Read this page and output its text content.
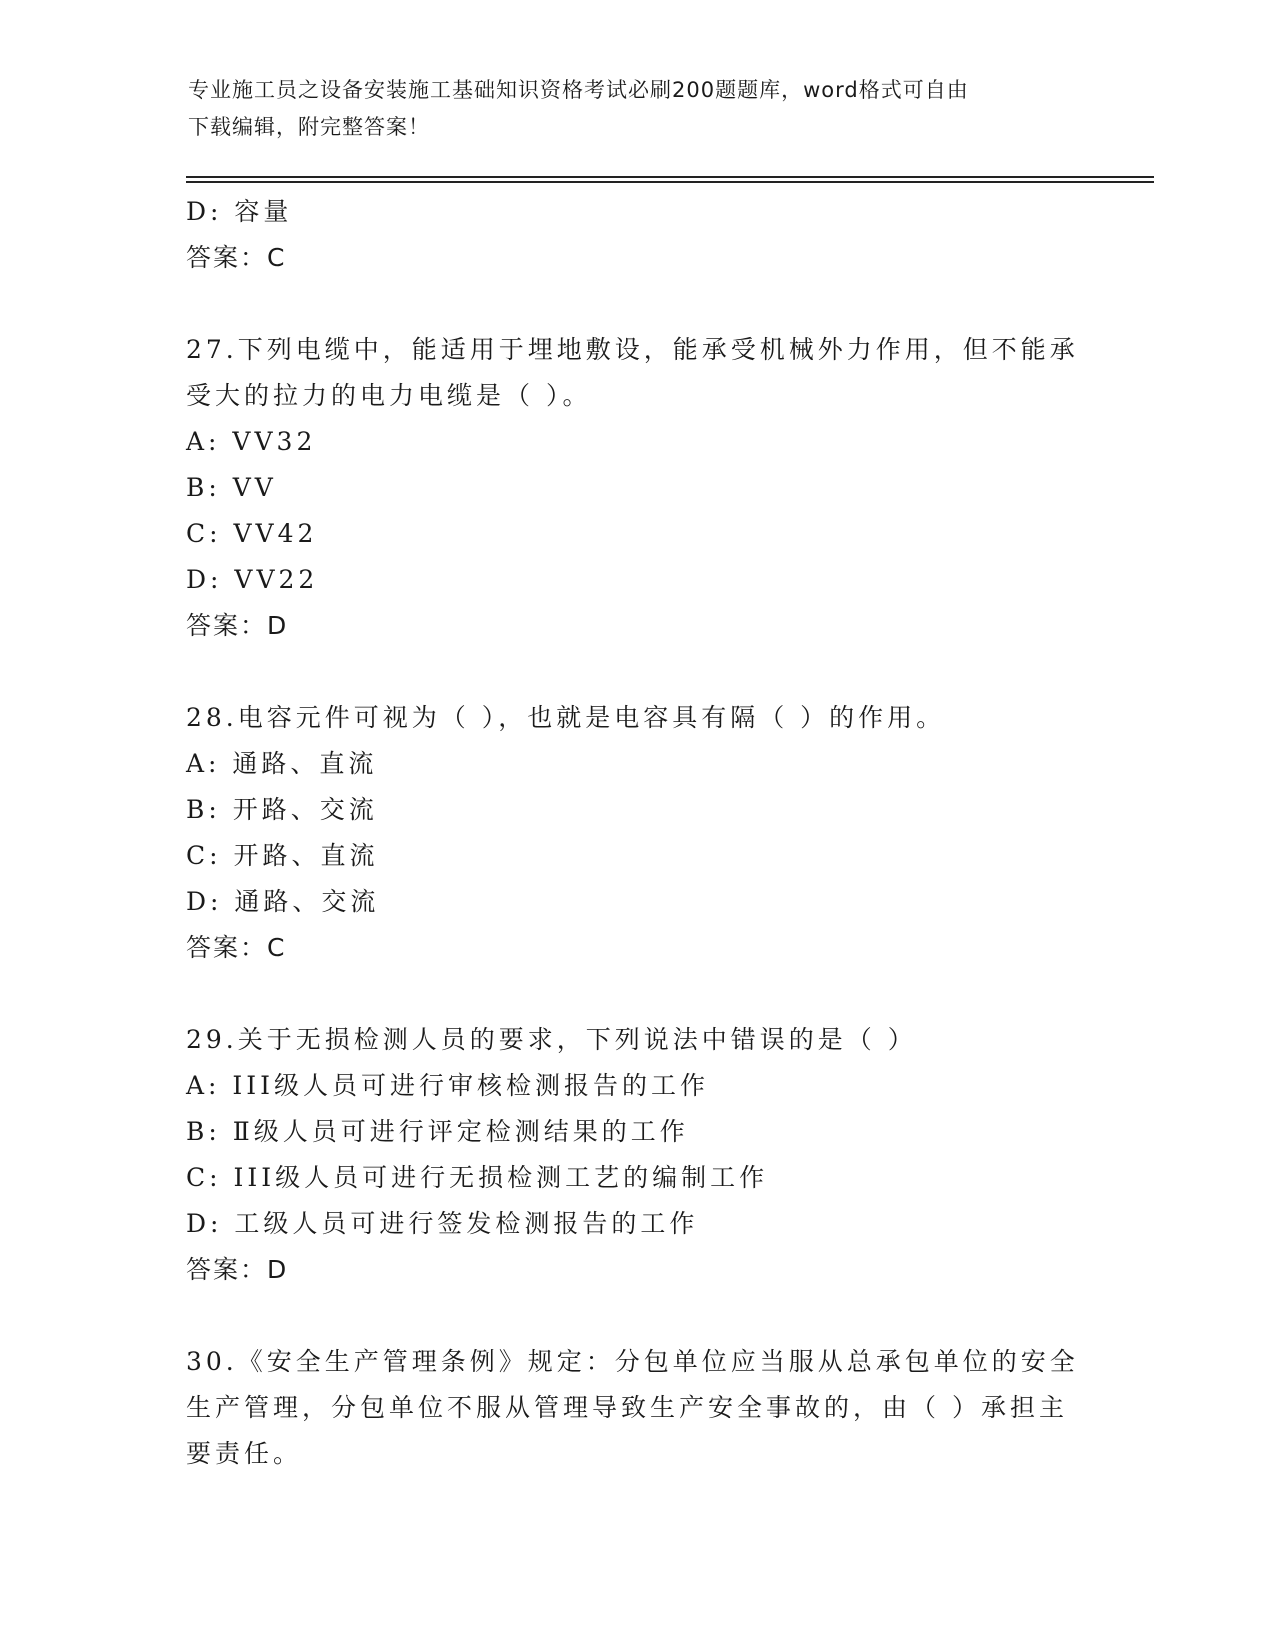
专业施工员之设备安装施工基础知识资格考试必刷200题题库，word格式可自由
下载编辑，附完整答案！
D: 容量
答案：C
27.下列电缆中，能适用于埋地敷设，能承受机械外力作用，但不能承
受大的拉力的电力电缆是（ ）。
A: VV32
B: VV
C: VV42
D: VV22
答案：D
28.电容元件可视为（ ），也就是电容具有隔（ ）的作用。
A: 通路、直流
B: 开路、交流
C: 开路、直流
D: 通路、交流
答案：C
29.关于无损检测人员的要求，下列说法中错误的是（ ）
A: III级人员可进行审核检测报告的工作
B: Ⅱ级人员可进行评定检测结果的工作
C: III级人员可进行无损检测工艺的编制工作
D: 工级人员可进行签发检测报告的工作
答案：D
30.《安全生产管理条例》规定：分包单位应当服从总承包单位的安全
生产管理，分包单位不服从管理导致生产安全事故的，由（ ）承担主
要责任。
